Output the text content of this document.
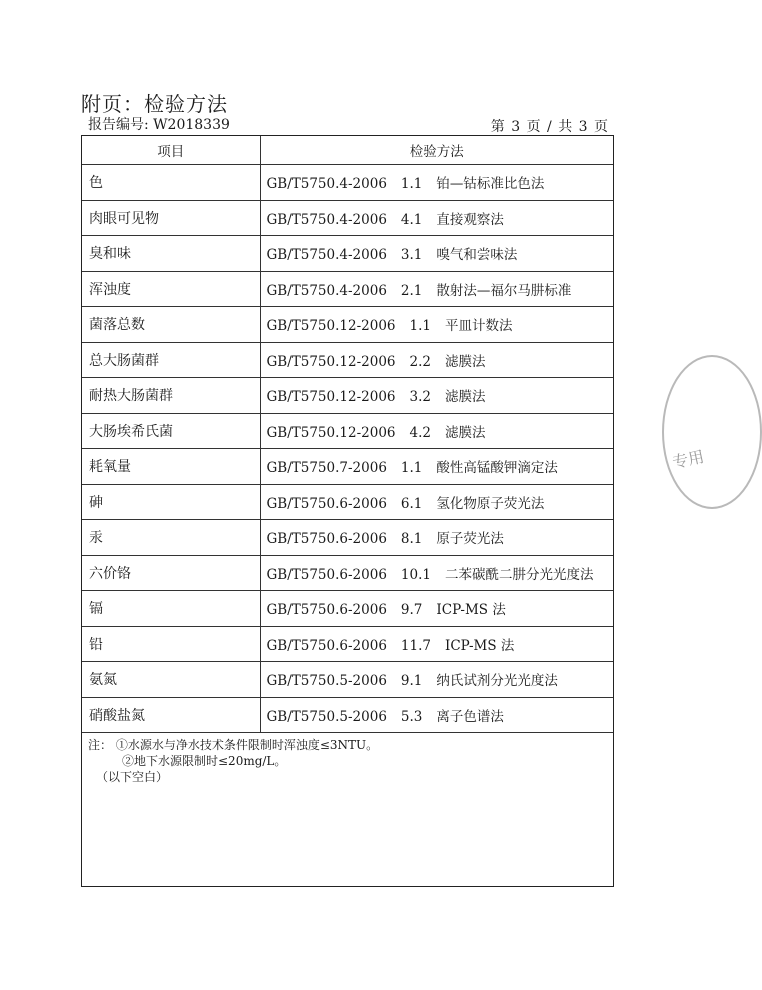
附页：检验方法
报告编号: W2018339	第 3 页 / 共 3 页
项目	检验方法
色	GB/T5750.4-2006 1.1 铂—钴标准比色法
肉眼可见物	GB/T5750.4-2006 4.1 直接观察法
臭和味	GB/T5750.4-2006 3.1 嗅气和尝味法
浑浊度	GB/T5750.4-2006 2.1 散射法—福尔马肼标准
菌落总数	GB/T5750.12-2006 1.1 平皿计数法
总大肠菌群	GB/T5750.12-2006 2.2 滤膜法
耐热大肠菌群	GB/T5750.12-2006 3.2 滤膜法
大肠埃希氏菌	GB/T5750.12-2006 4.2 滤膜法
耗氧量	GB/T5750.7-2006 1.1 酸性高锰酸钾滴定法
砷	GB/T5750.6-2006 6.1 氢化物原子荧光法
汞	GB/T5750.6-2006 8.1 原子荧光法
六价铬	GB/T5750.6-2006 10.1 二苯碳酰二肼分光光度法
镉	GB/T5750.6-2006 9.7 ICP-MS 法
铅	GB/T5750.6-2006 11.7 ICP-MS 法
氨氮	GB/T5750.5-2006 9.1 纳氏试剂分光光度法
硝酸盐氮	GB/T5750.5-2006 5.3 离子色谱法
注： ①水源水与净水技术条件限制时浑浊度≤3NTU。
②地下水源限制时≤20mg/L。
（以下空白）
专用
